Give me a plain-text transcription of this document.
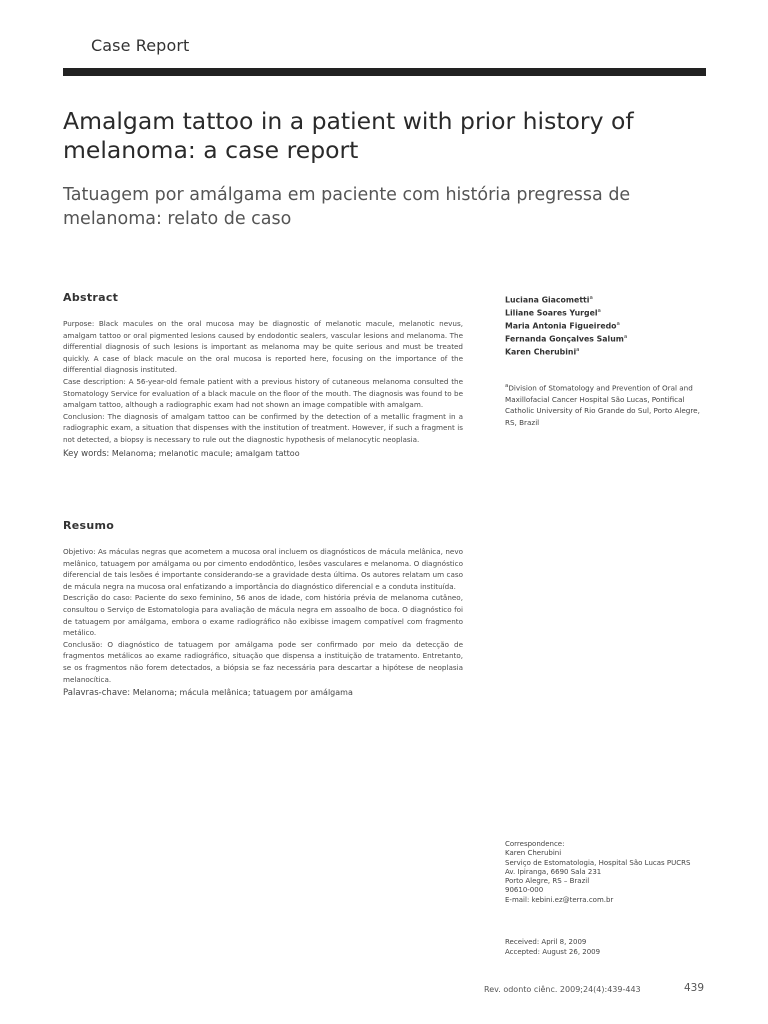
Case Report
Amalgam tattoo in a patient with prior history of melanoma: a case report
Tatuagem por amálgama em paciente com história pregressa de melanoma: relato de caso
Abstract

Purpose: Black macules on the oral mucosa may be diagnostic of melanotic macule, melanotic nevus, amalgam tattoo or oral pigmented lesions caused by endodontic sealers, vascular lesions and melanoma. The differential diagnosis of such lesions is important as melanoma may be quite serious and must be treated quickly. A case of black macule on the oral mucosa is reported here, focusing on the importance of the differential diagnosis instituted.

Case description: A 56-year-old female patient with a previous history of cutaneous melanoma consulted the Stomatology Service for evaluation of a black macule on the floor of the mouth. The diagnosis was found to be amalgam tattoo, although a radiographic exam had not shown an image compatible with amalgam.

Conclusion: The diagnosis of amalgam tattoo can be confirmed by the detection of a metallic fragment in a radiographic exam, a situation that dispenses with the institution of treatment. However, if such a fragment is not detected, a biopsy is necessary to rule out the diagnostic hypothesis of melanocytic neoplasia.

Key words: Melanoma; melanotic macule; amalgam tattoo
Resumo

Objetivo: As máculas negras que acometem a mucosa oral incluem os diagnósticos de mácula melânica, nevo melânico, tatuagem por amálgama ou por cimento endodôntico, lesões vasculares e melanoma. O diagnóstico diferencial de tais lesões é importante considerando-se a gravidade desta última. Os autores relatam um caso de mácula negra na mucosa oral enfatizando a importância do diagnóstico diferencial e a conduta instituída.

Descrição do caso: Paciente do sexo feminino, 56 anos de idade, com história prévia de melanoma cutâneo, consultou o Serviço de Estomatologia para avaliação de mácula negra em assoalho de boca. O diagnóstico foi de tatuagem por amálgama, embora o exame radiográfico não exibisse imagem compatível com fragmento metálico.

Conclusão: O diagnóstico de tatuagem por amálgama pode ser confirmado por meio da detecção de fragmentos metálicos ao exame radiográfico, situação que dispensa a instituição de tratamento. Entretanto, se os fragmentos não forem detectados, a biópsia se faz necessária para descartar a hipótese de neoplasia melanocítica.

Palavras-chave: Melanoma; mácula melânica; tatuagem por amálgama
Luciana Giacometti$^a$
Liliane Soares Yurgel$^a$
Maria Antonia Figueiredo$^a$
Fernanda Gonçalves Salum$^a$
Karen Cherubini$^a$
$^a$Division of Stomatology and Prevention of Oral and Maxillofacial Cancer Hospital São Lucas, Pontifical Catholic University of Rio Grande do Sul, Porto Alegre, RS, Brazil
Correspondence:
Karen Cherubini
Serviço de Estomatologia, Hospital São Lucas PUCRS
Av. Ipiranga, 6690 Sala 231
Porto Alegre, RS – Brazil
90610-000
E-mail: kebini.ez@terra.com.br
Received: April 8, 2009
Accepted: August 26, 2009
Rev. odonto ciênc. 2009;24(4):439-443	439
